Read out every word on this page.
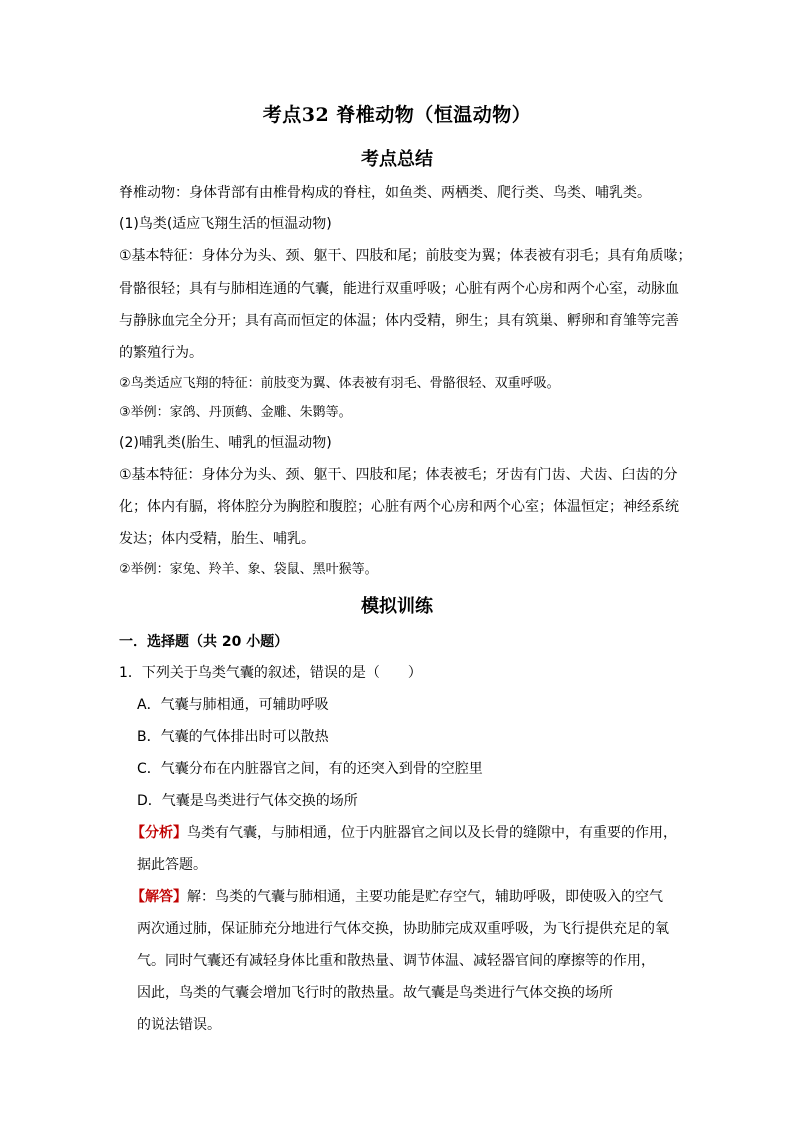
考点32 脊椎动物（恒温动物）
考点总结
脊椎动物：身体背部有由椎骨构成的脊柱，如鱼类、两栖类、爬行类、鸟类、哺乳类。
(1)鸟类(适应飞翔生活的恒温动物)
①基本特征：身体分为头、颈、躯干、四肢和尾；前肢变为翼；体表被有羽毛；具有角质喙；
骨骼很轻；具有与肺相连通的气囊，能进行双重呼吸；心脏有两个心房和两个心室，动脉血
与静脉血完全分开；具有高而恒定的体温；体内受精，卵生；具有筑巢、孵卵和育雏等完善
的繁殖行为。
②鸟类适应飞翔的特征：前肢变为翼、体表被有羽毛、骨骼很轻、双重呼吸。
③举例：家鸽、丹顶鹤、金雕、朱鹮等。
(2)哺乳类(胎生、哺乳的恒温动物)
①基本特征：身体分为头、颈、躯干、四肢和尾；体表被毛；牙齿有门齿、犬齿、臼齿的分
化；体内有膈，将体腔分为胸腔和腹腔；心脏有两个心房和两个心室；体温恒定；神经系统
发达；体内受精，胎生、哺乳。
②举例：家兔、羚羊、象、袋鼠、黑叶猴等。
模拟训练
一．选择题（共 20 小题）
1．下列关于鸟类气囊的叙述，错误的是（　　）
A．气囊与肺相通，可辅助呼吸
B．气囊的气体排出时可以散热
C．气囊分布在内脏器官之间，有的还突入到骨的空腔里
D．气囊是鸟类进行气体交换的场所
【分析】鸟类有气囊，与肺相通，位于内脏器官之间以及长骨的缝隙中，有重要的作用，
据此答题。
【解答】解：鸟类的气囊与肺相通，主要功能是贮存空气，辅助呼吸，即使吸入的空气
两次通过肺，保证肺充分地进行气体交换，协助肺完成双重呼吸，为飞行提供充足的氧
气。同时气囊还有减轻身体比重和散热量、调节体温、减轻器官间的摩擦等的作用，
因此，鸟类的气囊会增加飞行时的散热量。故气囊是鸟类进行气体交换的场所
的说法错误。
